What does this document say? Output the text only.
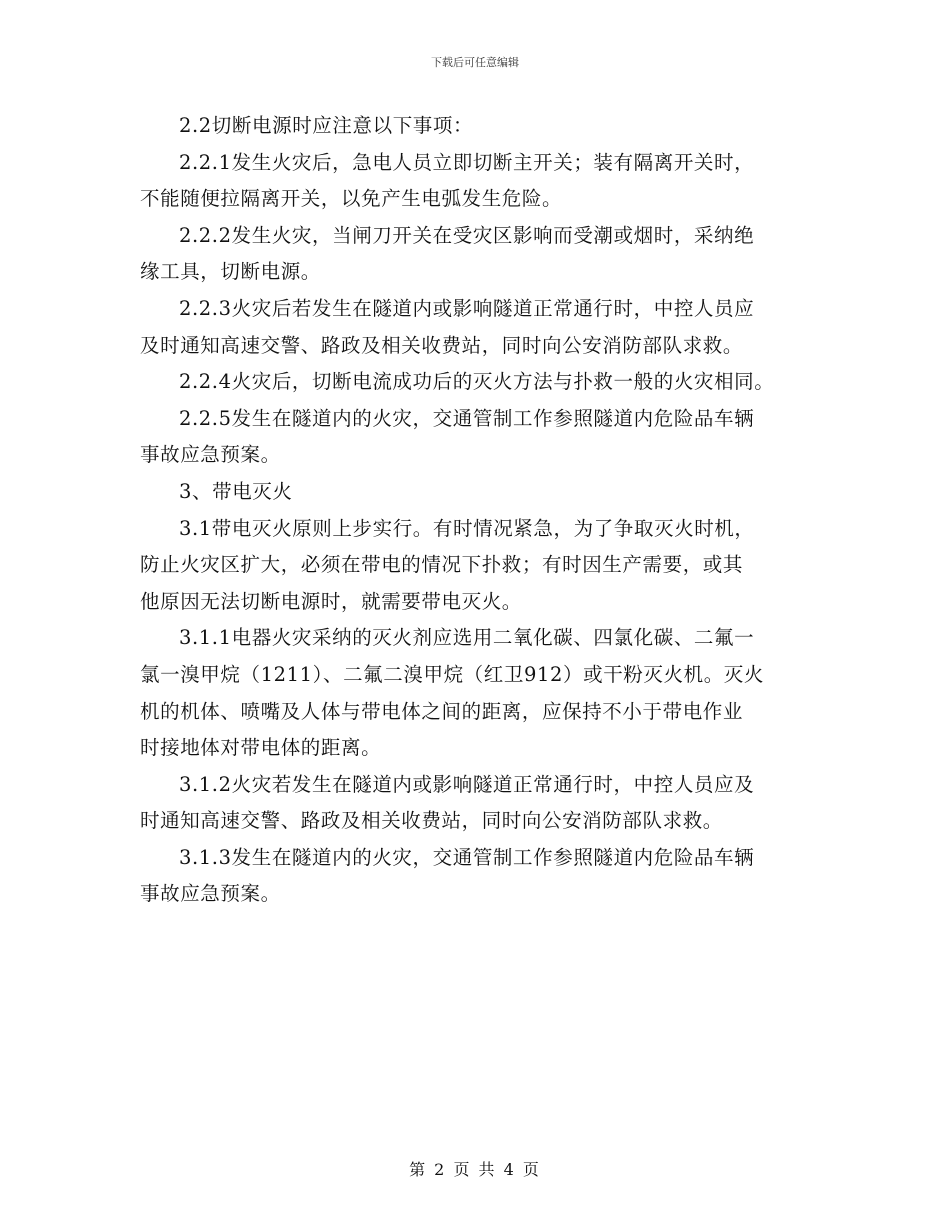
下载后可任意编辑

2.2切断电源时应注意以下事项：

2.2.1发生火灾后，急电人员立即切断主开关；装有隔离开关时，
不能随便拉隔离开关，以免产生电弧发生危险。

2.2.2发生火灾，当闸刀开关在受灾区影响而受潮或烟时，采纳绝
缘工具，切断电源。

2.2.3火灾后若发生在隧道内或影响隧道正常通行时，中控人员应
及时通知高速交警、路政及相关收费站，同时向公安消防部队求救。

2.2.4火灾后，切断电流成功后的灭火方法与扑救一般的火灾相同。

2.2.5发生在隧道内的火灾，交通管制工作参照隧道内危险品车辆
事故应急预案。

3、带电灭火

3.1带电灭火原则上步实行。有时情况紧急，为了争取灭火时机，
防止火灾区扩大，必须在带电的情况下扑救；有时因生产需要，或其
他原因无法切断电源时，就需要带电灭火。

3.1.1电器火灾采纳的灭火剂应选用二氧化碳、四氯化碳、二氟一
氯一溴甲烷（1211）、二氟二溴甲烷（红卫912）或干粉灭火机。灭火
机的机体、喷嘴及人体与带电体之间的距离，应保持不小于带电作业
时接地体对带电体的距离。

3.1.2火灾若发生在隧道内或影响隧道正常通行时，中控人员应及
时通知高速交警、路政及相关收费站，同时向公安消防部队求救。

3.1.3发生在隧道内的火灾，交通管制工作参照隧道内危险品车辆
事故应急预案。

第 2 页 共 4 页
